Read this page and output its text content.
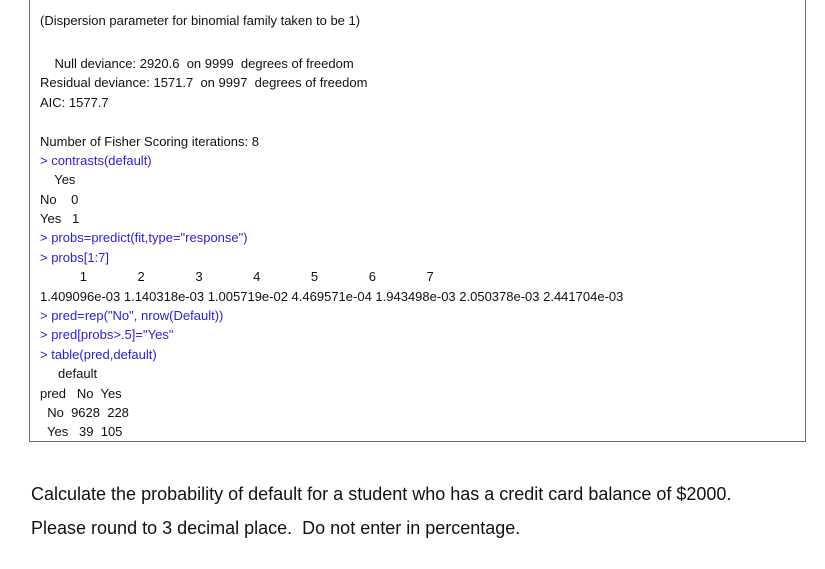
(Dispersion parameter for binomial family taken to be 1)
Null deviance: 2920.6  on 9999  degrees of freedom
Residual deviance: 1571.7  on 9997  degrees of freedom
AIC: 1577.7
Number of Fisher Scoring iterations: 8
> contrasts(default)
Yes
No    0
Yes   1
> probs=predict(fit,type="response")
> probs[1:7]
1              2              3              4              5              6              7
1.409096e-03 1.140318e-03 1.005719e-02 4.469571e-04 1.943498e-03 2.050378e-03 2.441704e-03
> pred=rep("No", nrow(Default))
> pred[probs>.5]="Yes"
> table(pred,default)
default
pred   No  Yes
No  9628  228
Yes   39  105
Calculate the probability of default for a student who has a credit card balance of $2000.
Please round to 3 decimal place.  Do not enter in percentage.
